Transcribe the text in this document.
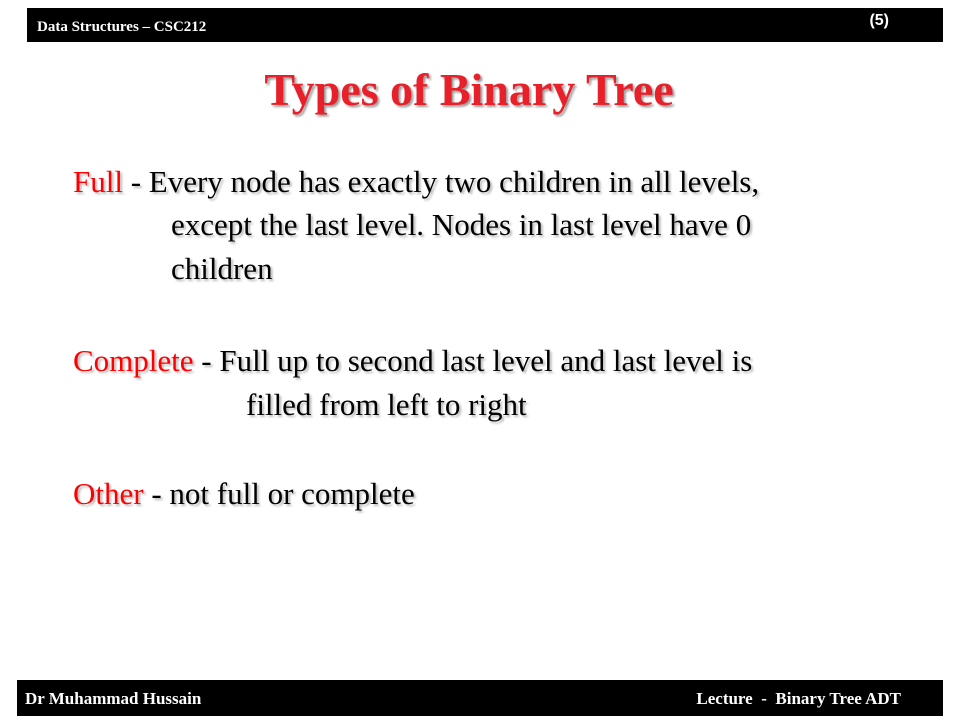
Data Structures – CSC212	(5)
Types of Binary Tree
Full - Every node has exactly two children in all levels,
except the last level. Nodes in last level have 0
children
Complete - Full up to second last level and last level is
filled from left to right
Other - not full or complete
Dr Muhammad Hussain	Lecture  -  Binary Tree ADT
